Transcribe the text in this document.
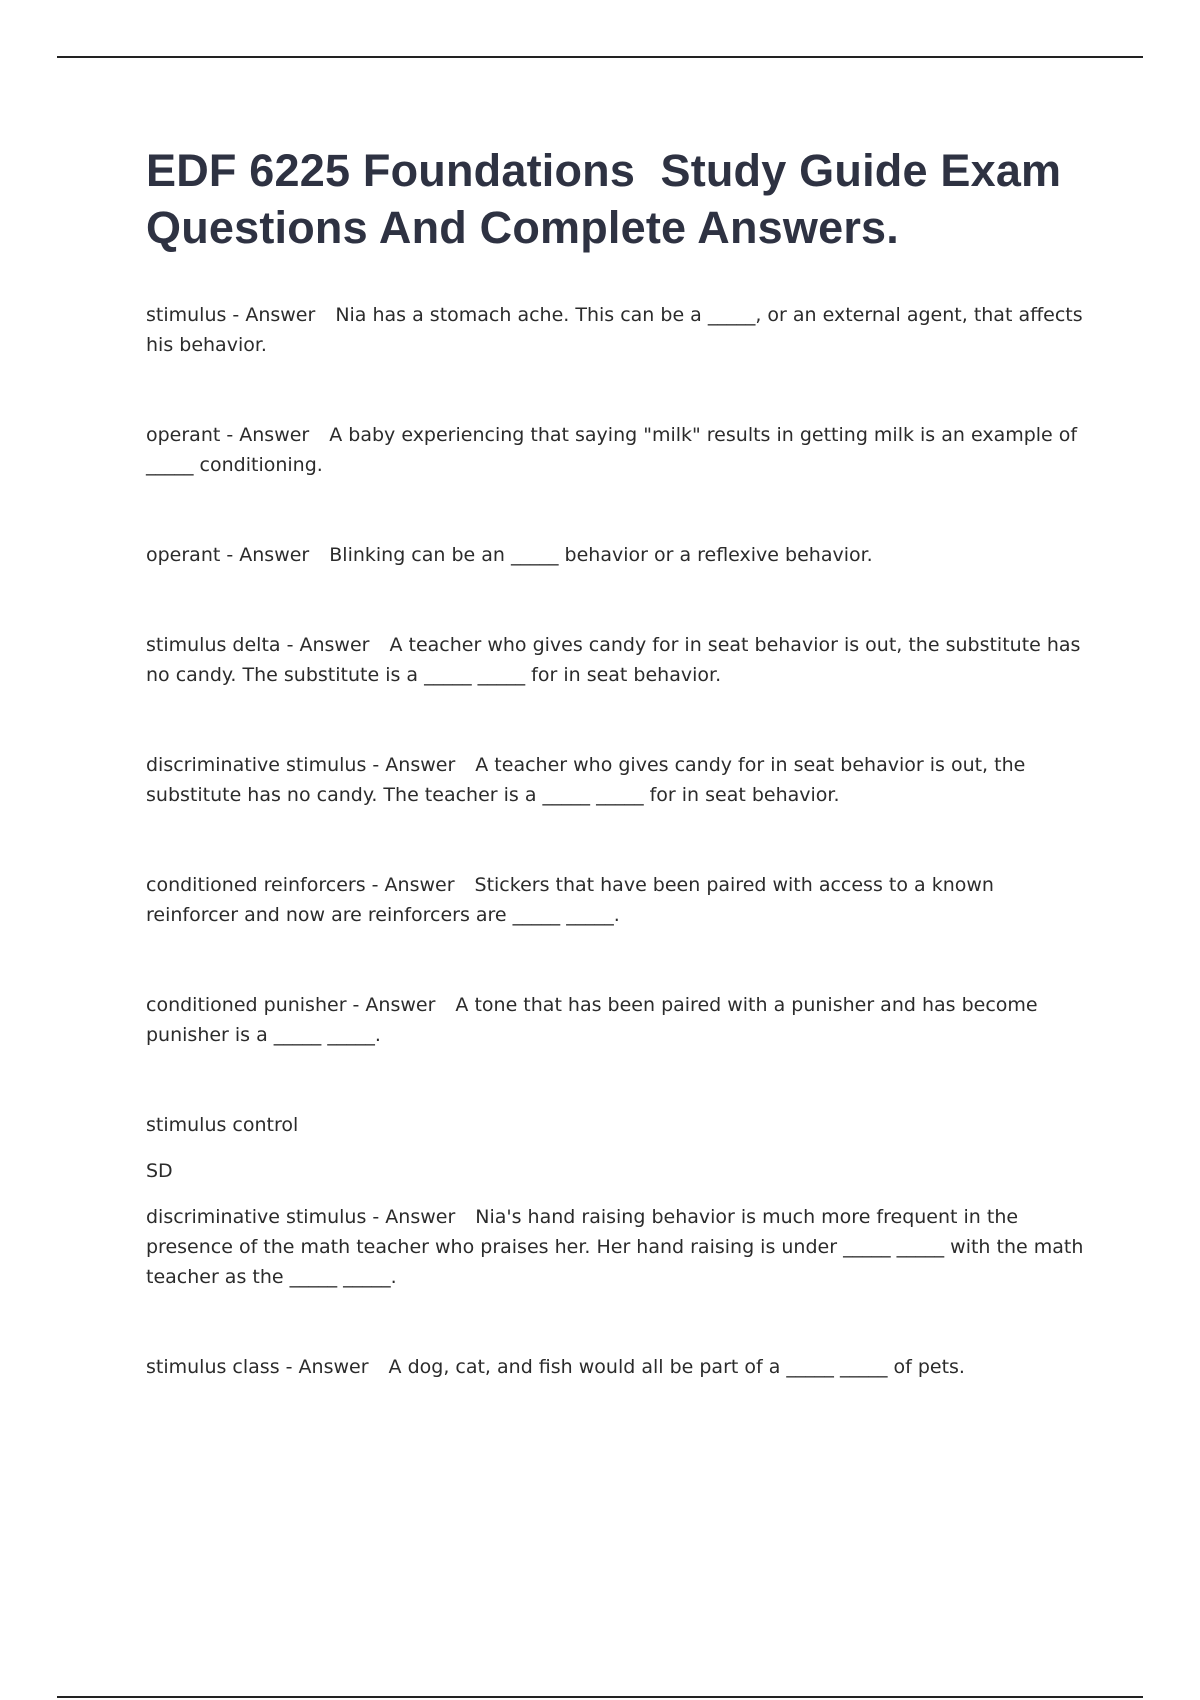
EDF 6225 Foundations  Study Guide Exam Questions And Complete Answers.
stimulus - Answer Nia has a stomach ache. This can be a _____, or an external agent, that affects his behavior.
operant - Answer A baby experiencing that saying "milk" results in getting milk is an example of _____ conditioning.
operant - Answer Blinking can be an _____ behavior or a reflexive behavior.
stimulus delta - Answer A teacher who gives candy for in seat behavior is out, the substitute has no candy. The substitute is a _____ _____ for in seat behavior.
discriminative stimulus - Answer A teacher who gives candy for in seat behavior is out, the substitute has no candy. The teacher is a _____ _____ for in seat behavior.
conditioned reinforcers - Answer Stickers that have been paired with access to a known reinforcer and now are reinforcers are _____ _____.
conditioned punisher - Answer A tone that has been paired with a punisher and has become punisher is a _____ _____.
stimulus control
SD
discriminative stimulus - Answer Nia's hand raising behavior is much more frequent in the presence of the math teacher who praises her. Her hand raising is under _____ _____ with the math teacher as the _____ _____.
stimulus class - Answer A dog, cat, and fish would all be part of a _____ _____ of pets.
